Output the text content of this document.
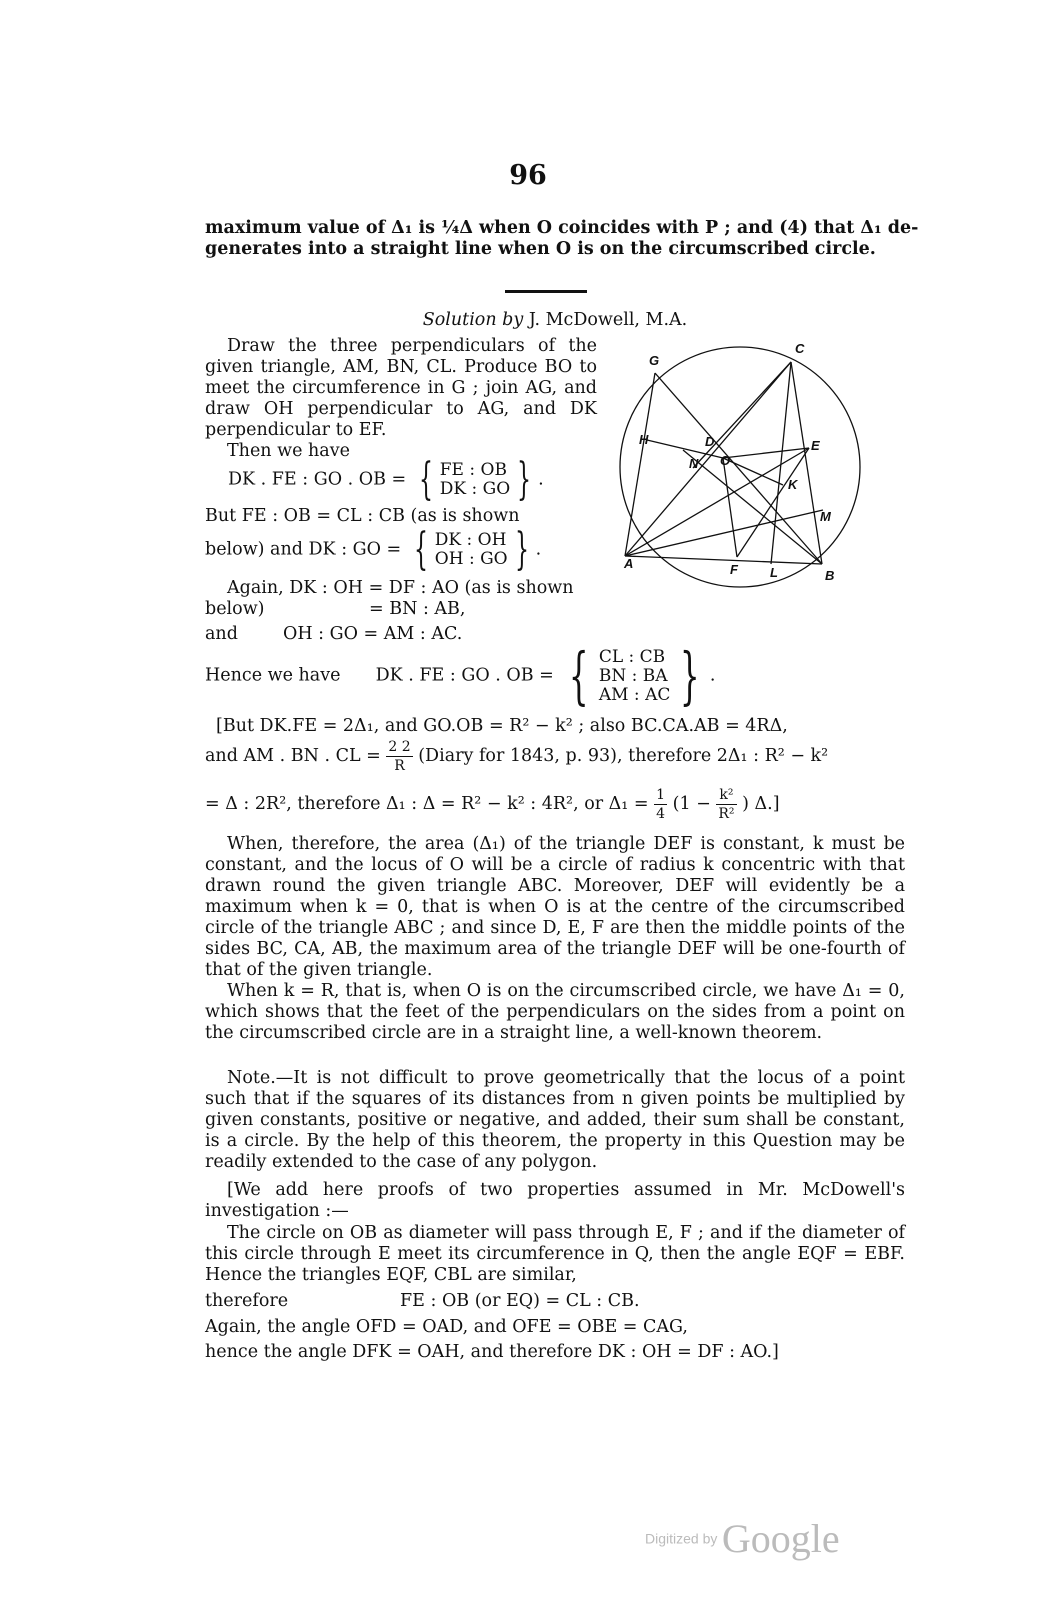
96
maximum value of Δ₁ is ¼Δ when O coincides with P ; and (4) that Δ₁ de-
generates into a straight line when O is on the circumscribed circle.
Solution by J. McDowell, M.A.
Draw the three perpendiculars of the given triangle, AM, BN, CL. Produce BO to meet the circumference in G ; join AG, and draw OH perpendicular to AG, and DK perpendicular to EF.
Then we have
DK . FE : GO . OB = { FE : OB
DK : GO } .
But FE : OB = CL : CB (as is shown
below) and DK : GO = { DK : OH
OH : GO } .
Again, DK : OH = DF : AO (as is shown
below)	= BN : AB,
and	OH : GO = AM : AC.
G
C
H	D	E
N O
K
M
A	F L	B
Hence we have DK . FE : GO . OB = { CL : CB
BN : BA
AM : AC } .
[But DK.FE = 2Δ₁, and GO.OB = R² − k² ; also BC.CA.AB = 4RΔ,
and AM . BN . CL = $\frac{2 2}{R}$ (Diary for 1843, p. 93), therefore 2Δ₁ : R² − k²
= Δ : 2R², therefore Δ₁ : Δ = R² − k² : 4R², or $\Delta_1 = \frac{1}{4} (1 - \frac{\text{k²}}{\text{R²}}$ ) Δ.]
When, therefore, the area (Δ₁) of the triangle DEF is constant, k must be constant, and the locus of O will be a circle of radius k concentric with that drawn round the given triangle ABC. Moreover, DEF will evidently be a maximum when k = 0, that is when O is at the centre of the circumscribed circle of the triangle ABC ; and since D, E, F are then the middle points of the sides BC, CA, AB, the maximum area of the triangle DEF will be one-fourth of that of the given triangle.
When k = R, that is, when O is on the circumscribed circle, we have Δ₁ = 0, which shows that the feet of the perpendiculars on the sides from a point on the circumscribed circle are in a straight line, a well-known theorem.
Note.—It is not difficult to prove geometrically that the locus of a point such that if the squares of its distances from n given points be multiplied by given constants, positive or negative, and added, their sum shall be constant, is a circle. By the help of this theorem, the property in this Question may be readily extended to the case of any polygon.
[We add here proofs of two properties assumed in Mr. McDowell's investigation :—
The circle on OB as diameter will pass through E, F ; and if the diameter of this circle through E meet its circumference in Q, then the angle EQF = EBF. Hence the triangles EQF, CBL are similar,
therefore	FE : OB (or EQ) = CL : CB.
Again, the angle OFD = OAD, and OFE = OBE = CAG,
hence the angle DFK = OAH, and therefore DK : OH = DF : AO.]
Digitized by Google
